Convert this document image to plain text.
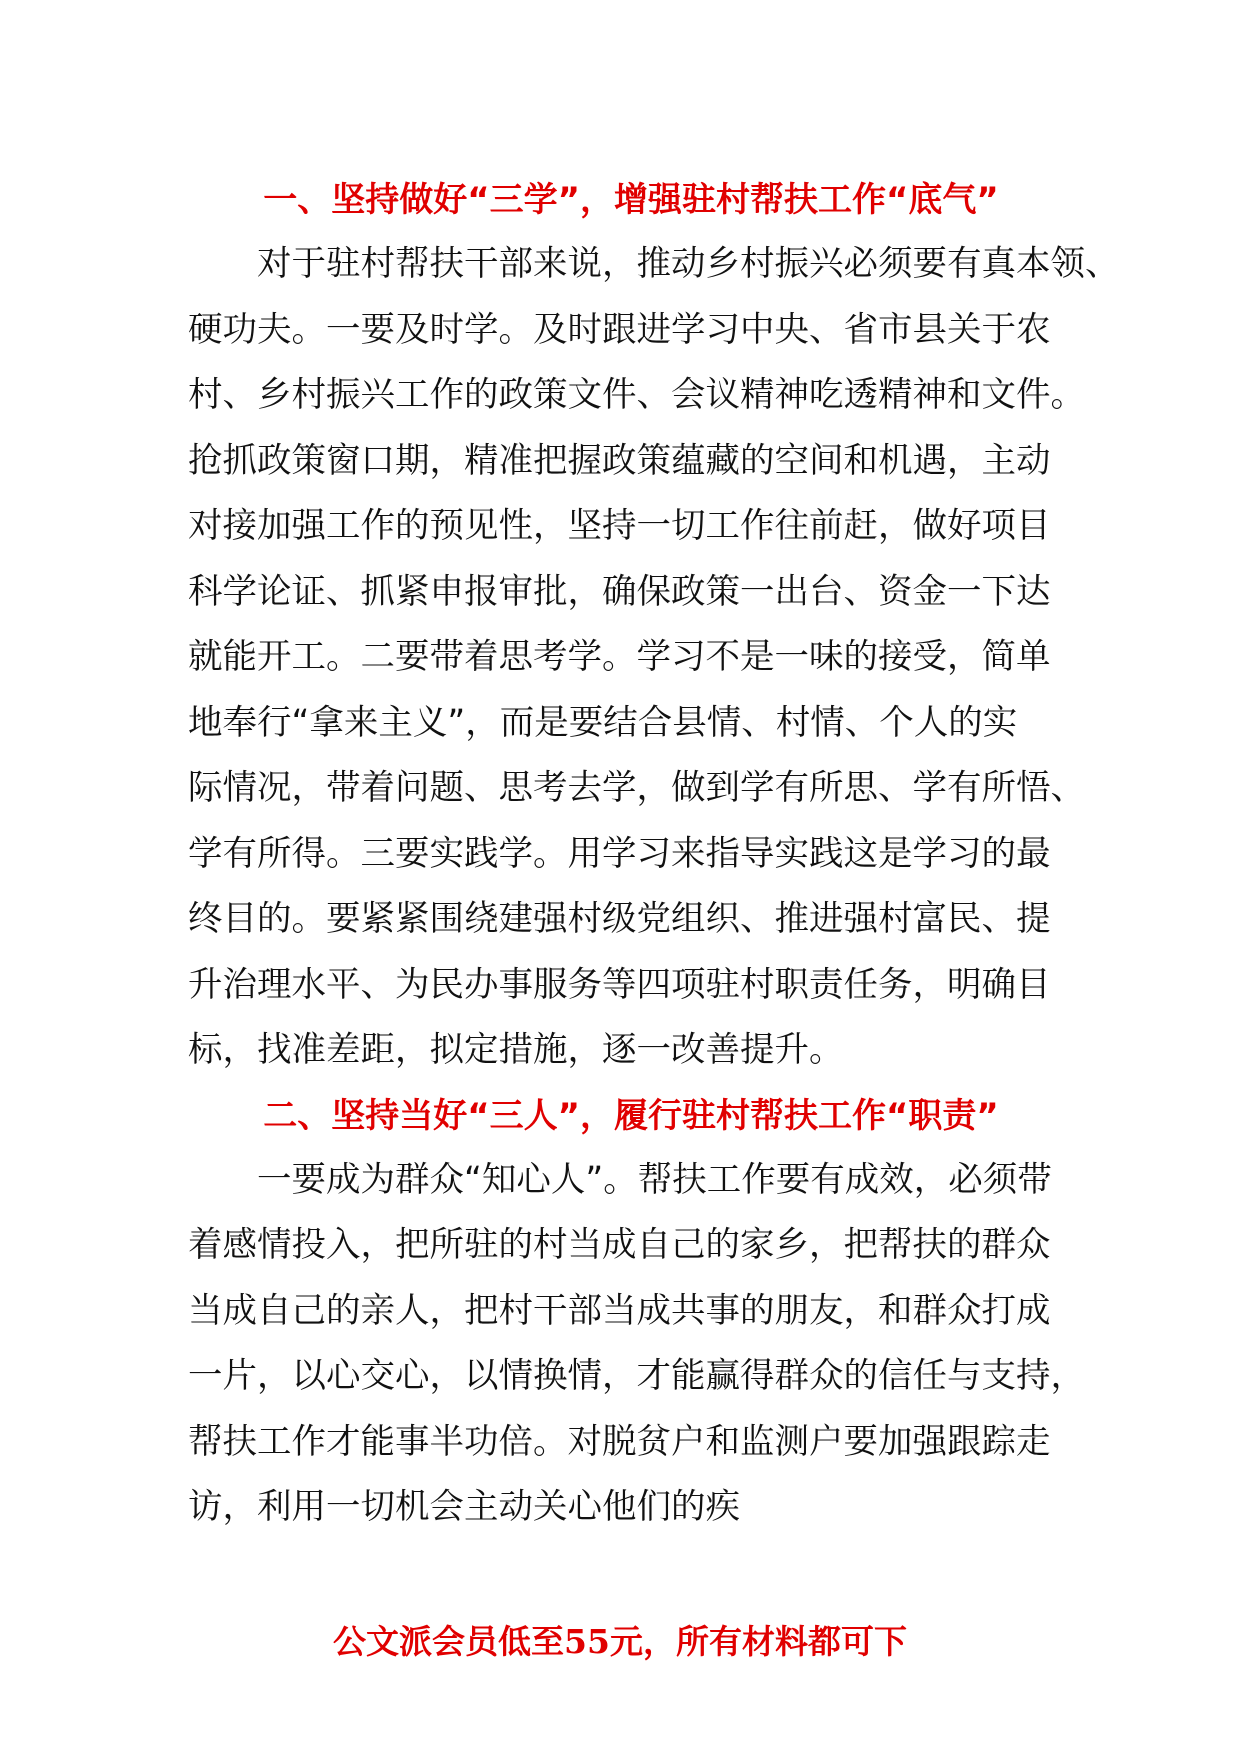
一、坚持做好“三学”，增强驻村帮扶工作“底气”
对于驻村帮扶干部来说，推动乡村振兴必须要有真本领、
硬功夫。一要及时学。及时跟进学习中央、省市县关于农
村、乡村振兴工作的政策文件、会议精神吃透精神和文件。
抢抓政策窗口期，精准把握政策蕴藏的空间和机遇，主动
对接加强工作的预见性，坚持一切工作往前赶，做好项目
科学论证、抓紧申报审批，确保政策一出台、资金一下达
就能开工。二要带着思考学。学习不是一味的接受，简单
地奉行“拿来主义”，而是要结合县情、村情、个人的实
际情况，带着问题、思考去学，做到学有所思、学有所悟、
学有所得。三要实践学。用学习来指导实践这是学习的最
终目的。要紧紧围绕建强村级党组织、推进强村富民、提
升治理水平、为民办事服务等四项驻村职责任务，明确目
标，找准差距，拟定措施，逐一改善提升。
二、坚持当好“三人”，履行驻村帮扶工作“职责”
一要成为群众“知心人”。帮扶工作要有成效，必须带
着感情投入，把所驻的村当成自己的家乡，把帮扶的群众
当成自己的亲人，把村干部当成共事的朋友，和群众打成
一片，以心交心，以情换情，才能赢得群众的信任与支持，
帮扶工作才能事半功倍。对脱贫户和监测户要加强跟踪走
访，利用一切机会主动关心他们的疾
公文派会员低至55元，所有材料都可下
